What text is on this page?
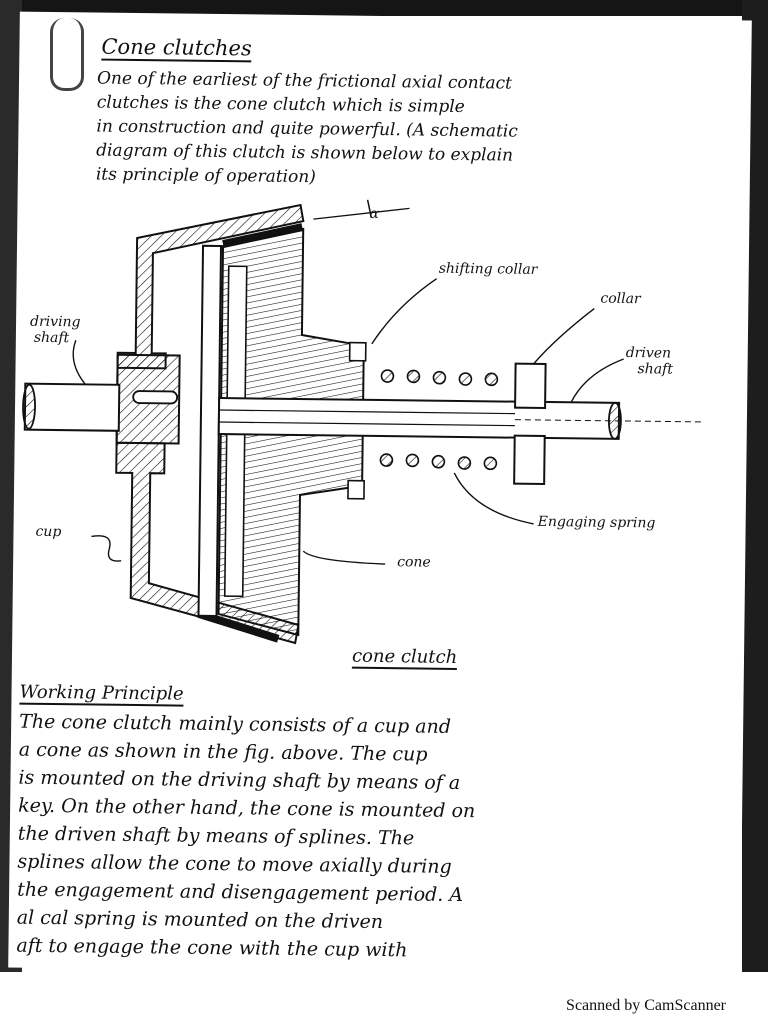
Cone clutches
One of the earliest of the frictional axial contact
clutches is the cone clutch which is simple
in construction and quite powerful. (A schematic
diagram of this clutch is shown below to explain
its principle of operation)
α
shifting collar
collar
driving
shaft
driven
shaft
Engaging spring
cup
cone
cone clutch
Working Principle
The cone clutch mainly consists of a cup and
a cone as shown in the fig. above. The cup
is mounted on the driving shaft by means of a
key. On the other hand, the cone is mounted on
the driven shaft by means of splines. The
splines allow the cone to move axially during
the engagement and disengagement period. A
al cal spring is mounted on the driven
aft to engage the cone with the cup with
Scanned by CamScanner
